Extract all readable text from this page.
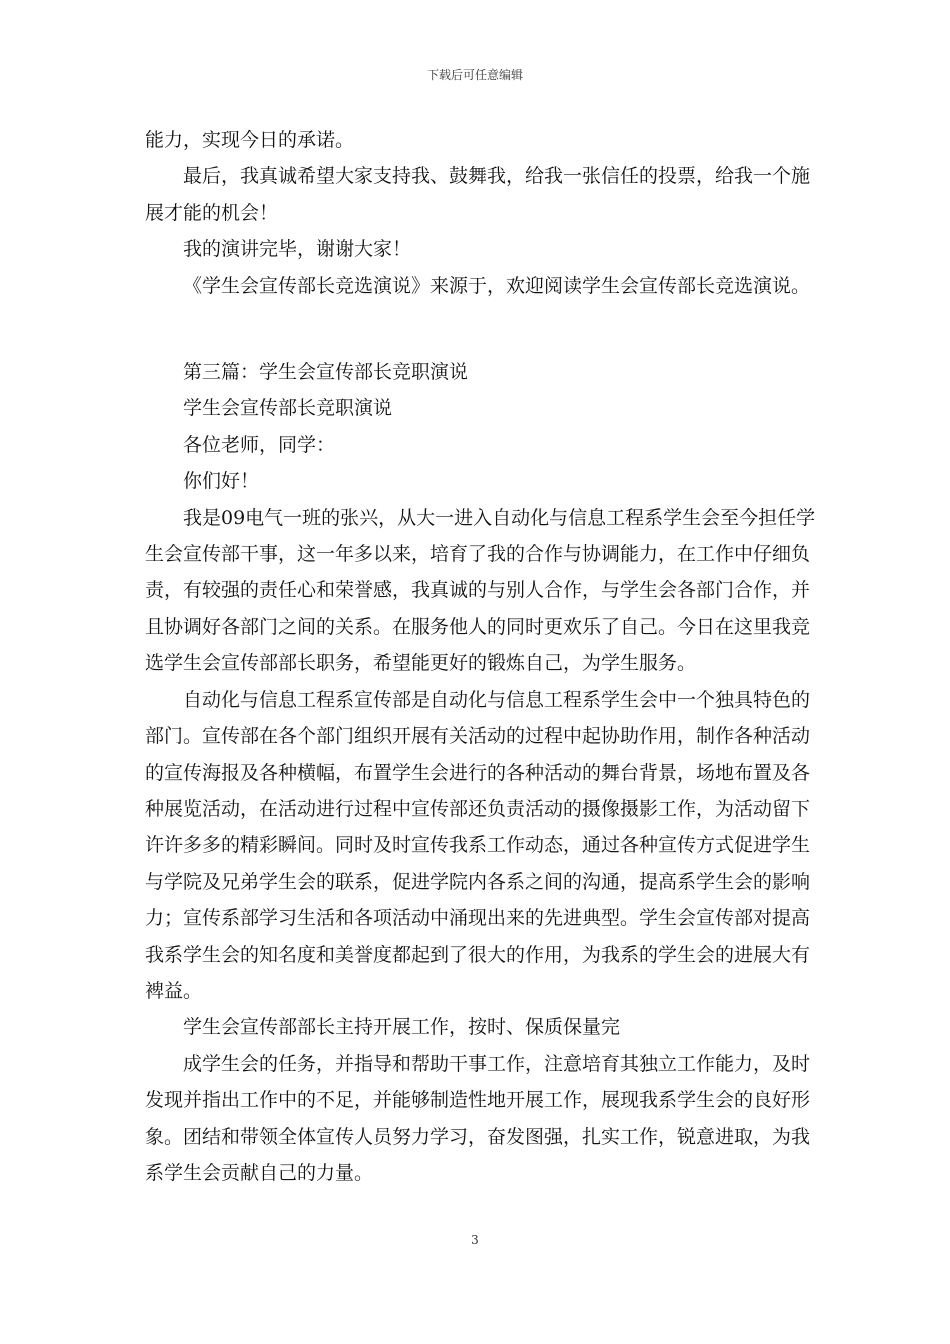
下载后可任意编辑

能力，实现今日的承诺。

最后，我真诚希望大家支持我、鼓舞我，给我一张信任的投票，给我一个施展才能的机会！

我的演讲完毕，谢谢大家！

《学生会宣传部长竞选演说》来源于，欢迎阅读学生会宣传部长竞选演说。

第三篇：学生会宣传部长竞职演说

学生会宣传部长竞职演说

各位老师，同学：

你们好！

我是09电气一班的张兴，从大一进入自动化与信息工程系学生会至今担任学生会宣传部干事，这一年多以来，培育了我的合作与协调能力，在工作中仔细负责，有较强的责任心和荣誉感，我真诚的与别人合作，与学生会各部门合作，并且协调好各部门之间的关系。在服务他人的同时更欢乐了自己。今日在这里我竞选学生会宣传部部长职务，希望能更好的锻炼自己，为学生服务。

自动化与信息工程系宣传部是自动化与信息工程系学生会中一个独具特色的部门。宣传部在各个部门组织开展有关活动的过程中起协助作用，制作各种活动的宣传海报及各种横幅，布置学生会进行的各种活动的舞台背景，场地布置及各种展览活动，在活动进行过程中宣传部还负责活动的摄像摄影工作，为活动留下许许多多的精彩瞬间。同时及时宣传我系工作动态，通过各种宣传方式促进学生与学院及兄弟学生会的联系，促进学院内各系之间的沟通，提高系学生会的影响力；宣传系部学习生活和各项活动中涌现出来的先进典型。学生会宣传部对提高我系学生会的知名度和美誉度都起到了很大的作用，为我系的学生会的进展大有裨益。

学生会宣传部部长主持开展工作，按时、保质保量完

成学生会的任务，并指导和帮助干事工作，注意培育其独立工作能力，及时发现并指出工作中的不足，并能够制造性地开展工作，展现我系学生会的良好形象。团结和带领全体宣传人员努力学习，奋发图强，扎实工作，锐意进取，为我系学生会贡献自己的力量。

3
